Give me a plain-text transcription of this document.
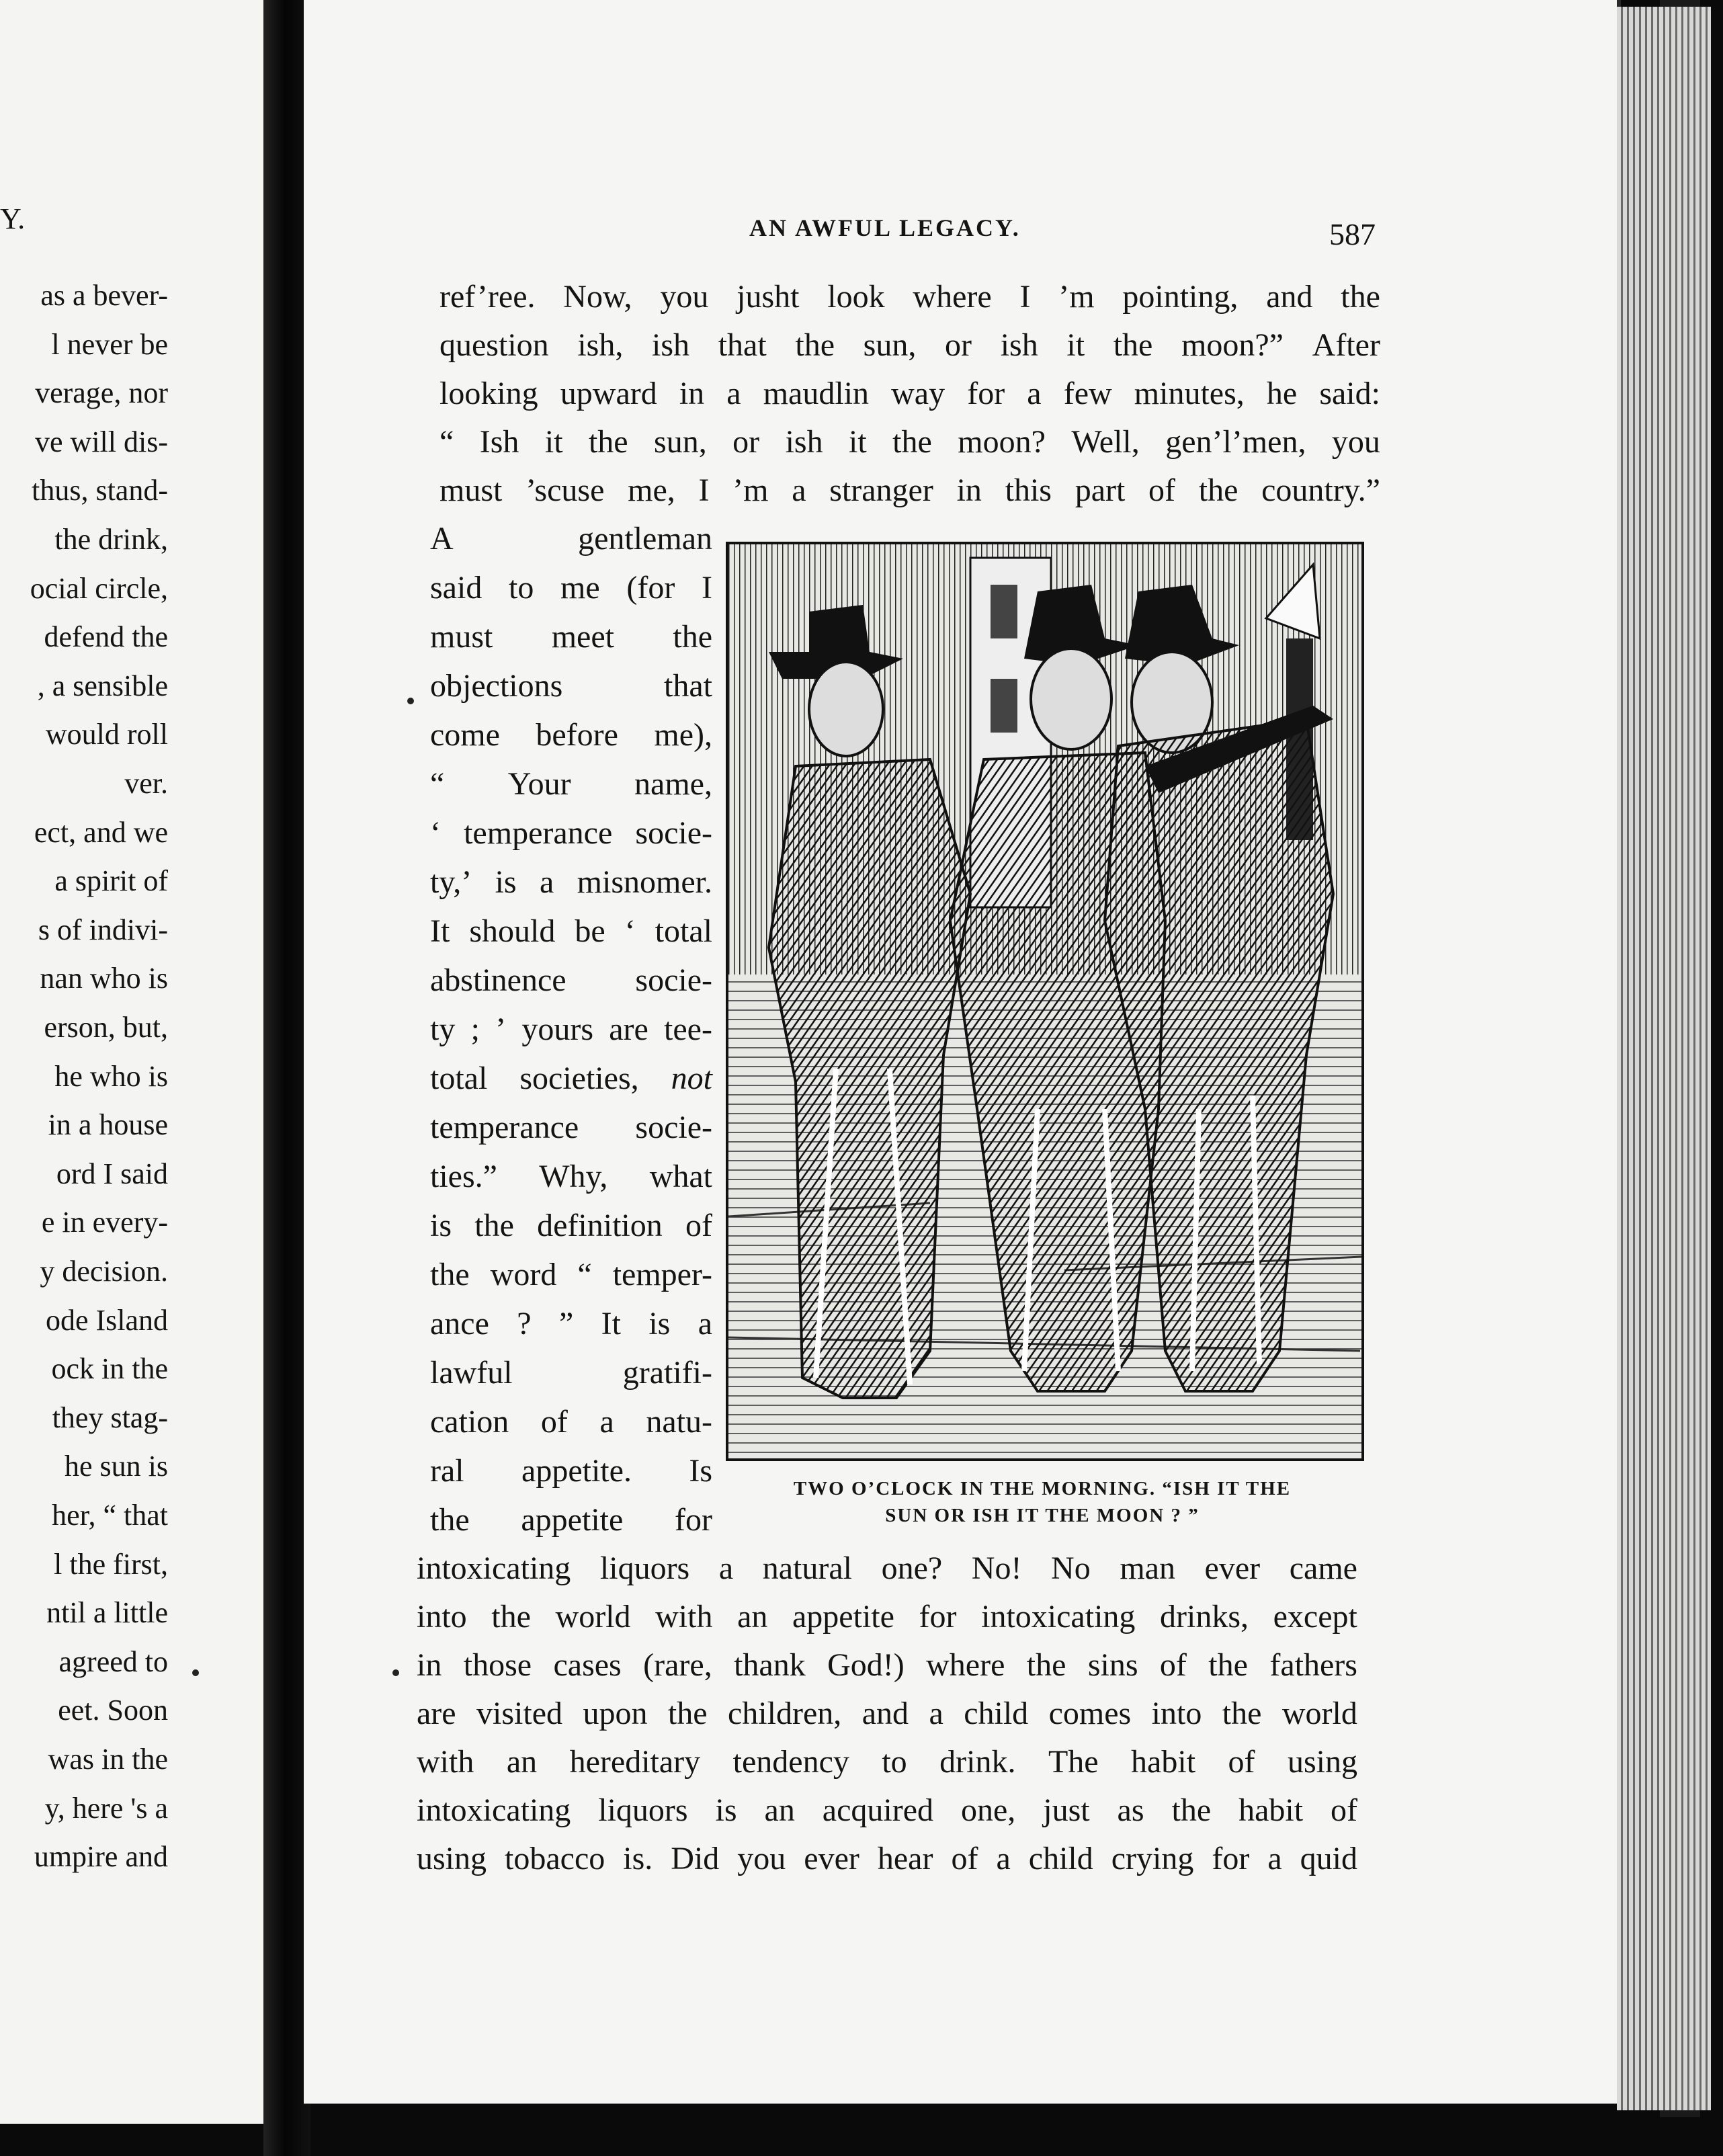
Y.
as a bever-
l never be
verage, nor
ve will dis-
thus, stand-
the drink,
ocial circle,
defend the
, a sensible
would roll
ver.
ect, and we
a spirit of
s of indivi-
nan who is
erson, but,
he who is
in a house
ord I said
e in every-
y decision.
ode Island
ock in the
they stag-
he sun is
her, “ that
l the first,
ntil a little
agreed to
eet. Soon
was in the
y, here 's a
umpire and
AN AWFUL LEGACY.	587
ref’ree. Now, you jusht look where I ’m pointing, and the
question ish, ish that the sun, or ish it the moon?” After
looking upward in a maudlin way for a few minutes, he said:
“ Ish it the sun, or ish it the moon? Well, gen’l’men, you
must ’scuse me, I ’m a stranger in this part of the country.”
A	gentleman
said to me (for I
must meet the
objections	that
come before me),
“ Your name,
‘ temperance socie-
ty,’ is a misnomer.
It should be ‘ total
abstinence socie-
ty ; ’ yours are tee-
total societies, not
temperance socie-
ties.” Why, what
is the definition of
the word “ temper-
ance ? ” It is a
lawful	gratifi-
cation of a natu-
ral appetite. Is
the appetite for
intoxicating liquors a natural one? No! No man ever came
into the world with an appetite for intoxicating drinks, except
in those cases (rare, thank God!) where the sins of the fathers
are visited upon the children, and a child comes into the world
with an hereditary tendency to drink. The habit of using
intoxicating liquors is an acquired one, just as the habit of
using tobacco is. Did you ever hear of a child crying for a quid
TWO O’CLOCK IN THE MORNING. “ISH IT THE
SUN OR ISH IT THE MOON ? ”
